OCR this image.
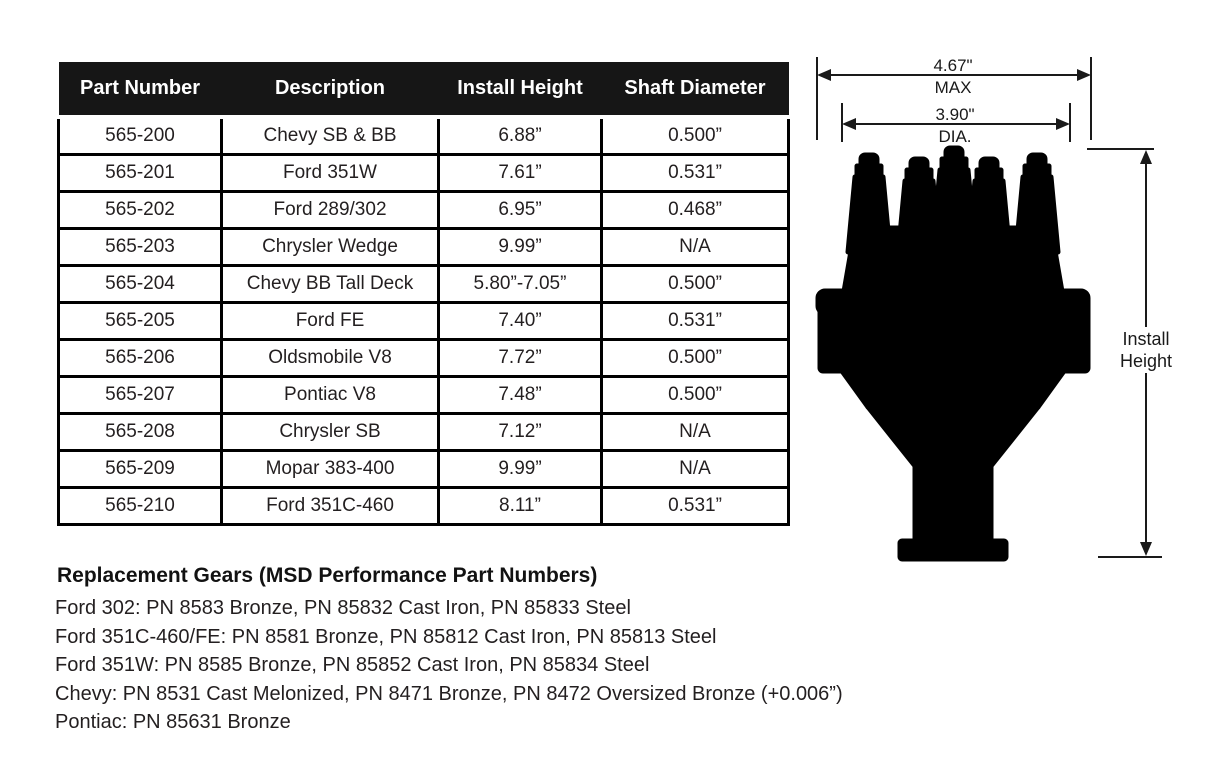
Part Number	Description	Install Height	Shaft Diameter
565-200	Chevy SB & BB	6.88”	0.500”
565-201	Ford 351W	7.61”	0.531”
565-202	Ford 289/302	6.95”	0.468”
565-203	Chrysler Wedge	9.99”	N/A
565-204	Chevy BB Tall Deck	5.80”-7.05”	0.500”
565-205	Ford FE	7.40”	0.531”
565-206	Oldsmobile V8	7.72”	0.500”
565-207	Pontiac V8	7.48”	0.500”
565-208	Chrysler SB	7.12”	N/A
565-209	Mopar 383-400	9.99”	N/A
565-210	Ford 351C-460	8.11”	0.531”

Replacement Gears (MSD Performance Part Numbers)

Ford 302: PN 8583 Bronze, PN 85832 Cast Iron, PN 85833 Steel

Ford 351C-460/FE: PN 8581 Bronze, PN 85812 Cast Iron, PN 85813 Steel

Ford 351W: PN 8585 Bronze, PN 85852 Cast Iron, PN 85834 Steel

Chevy: PN 8531 Cast Melonized, PN 8471 Bronze, PN 8472 Oversized Bronze (+0.006”)

Pontiac: PN 85631 Bronze

4.67"
MAX
3.90"
DIA.
Install
Height
